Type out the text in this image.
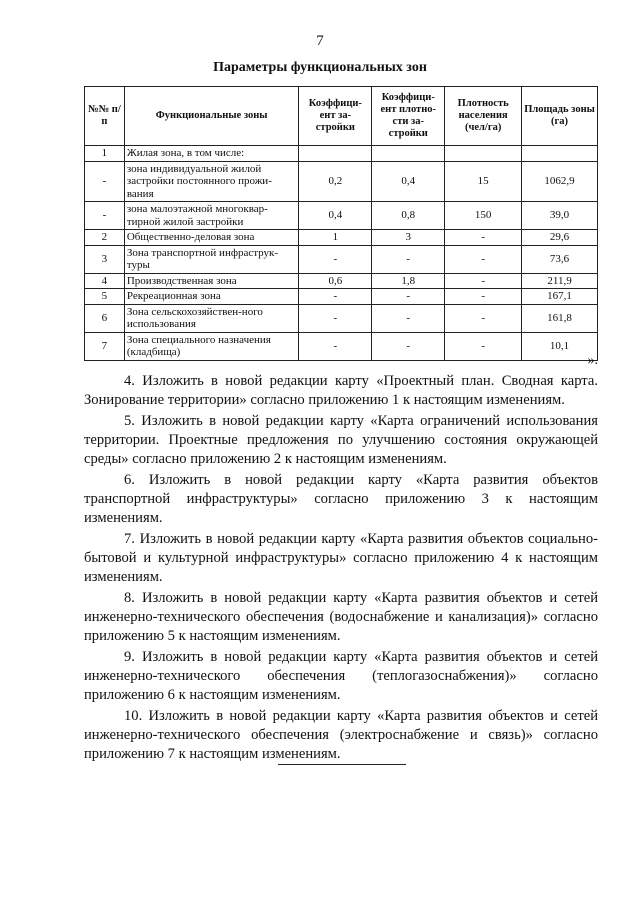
7
Параметры функциональных зон
№№ п/п	Функциональные зоны	Коэффици-ент за-стройки	Коэффици-ент плотно-сти за-стройки	Плотность населения (чел/га)	Площадь зоны (га)
1	Жилая зона, в том числе:				
-	зона индивидуальной жилой застройки постоянного прожи-вания	0,2	0,4	15	1062,9
-	зона малоэтажной многоквар-тирной жилой застройки	0,4	0,8	150	39,0
2	Общественно-деловая зона	1	3	-	29,6
3	Зона транспортной инфраструк-туры	-	-	-	73,6
4	Производственная зона	0,6	1,8	-	211,9
5	Рекреационная зона	-	-	-	167,1
6	Зона сельскохозяйствен-ного использования	-	-	-	161,8
7	Зона специального назначения (кладбища)	-	-	-	10,1
».

4. Изложить в новой редакции карту «Проектный план. Сводная карта. Зонирование территории» согласно приложению 1 к настоящим изменениям.

5. Изложить в новой редакции карту «Карта ограничений использования территории. Проектные предложения по улучшению состояния окружающей среды» согласно приложению 2 к настоящим изменениям.

6. Изложить в новой редакции карту «Карта развития объектов транспортной инфраструктуры» согласно приложению 3 к настоящим изменениям.

7. Изложить в новой редакции карту «Карта развития объектов социально-бытовой и культурной инфраструктуры» согласно приложению 4 к настоящим изменениям.

8. Изложить в новой редакции карту «Карта развития объектов и сетей инженерно-технического обеспечения (водоснабжение и канализация)» согласно приложению 5 к настоящим изменениям.

9. Изложить в новой редакции карту «Карта развития объектов и сетей инженерно-технического обеспечения (теплогазоснабжения)» согласно приложению 6 к настоящим изменениям.

10. Изложить в новой редакции карту «Карта развития объектов и сетей инженерно-технического обеспечения (электроснабжение и связь)» согласно приложению 7 к настоящим изменениям.
